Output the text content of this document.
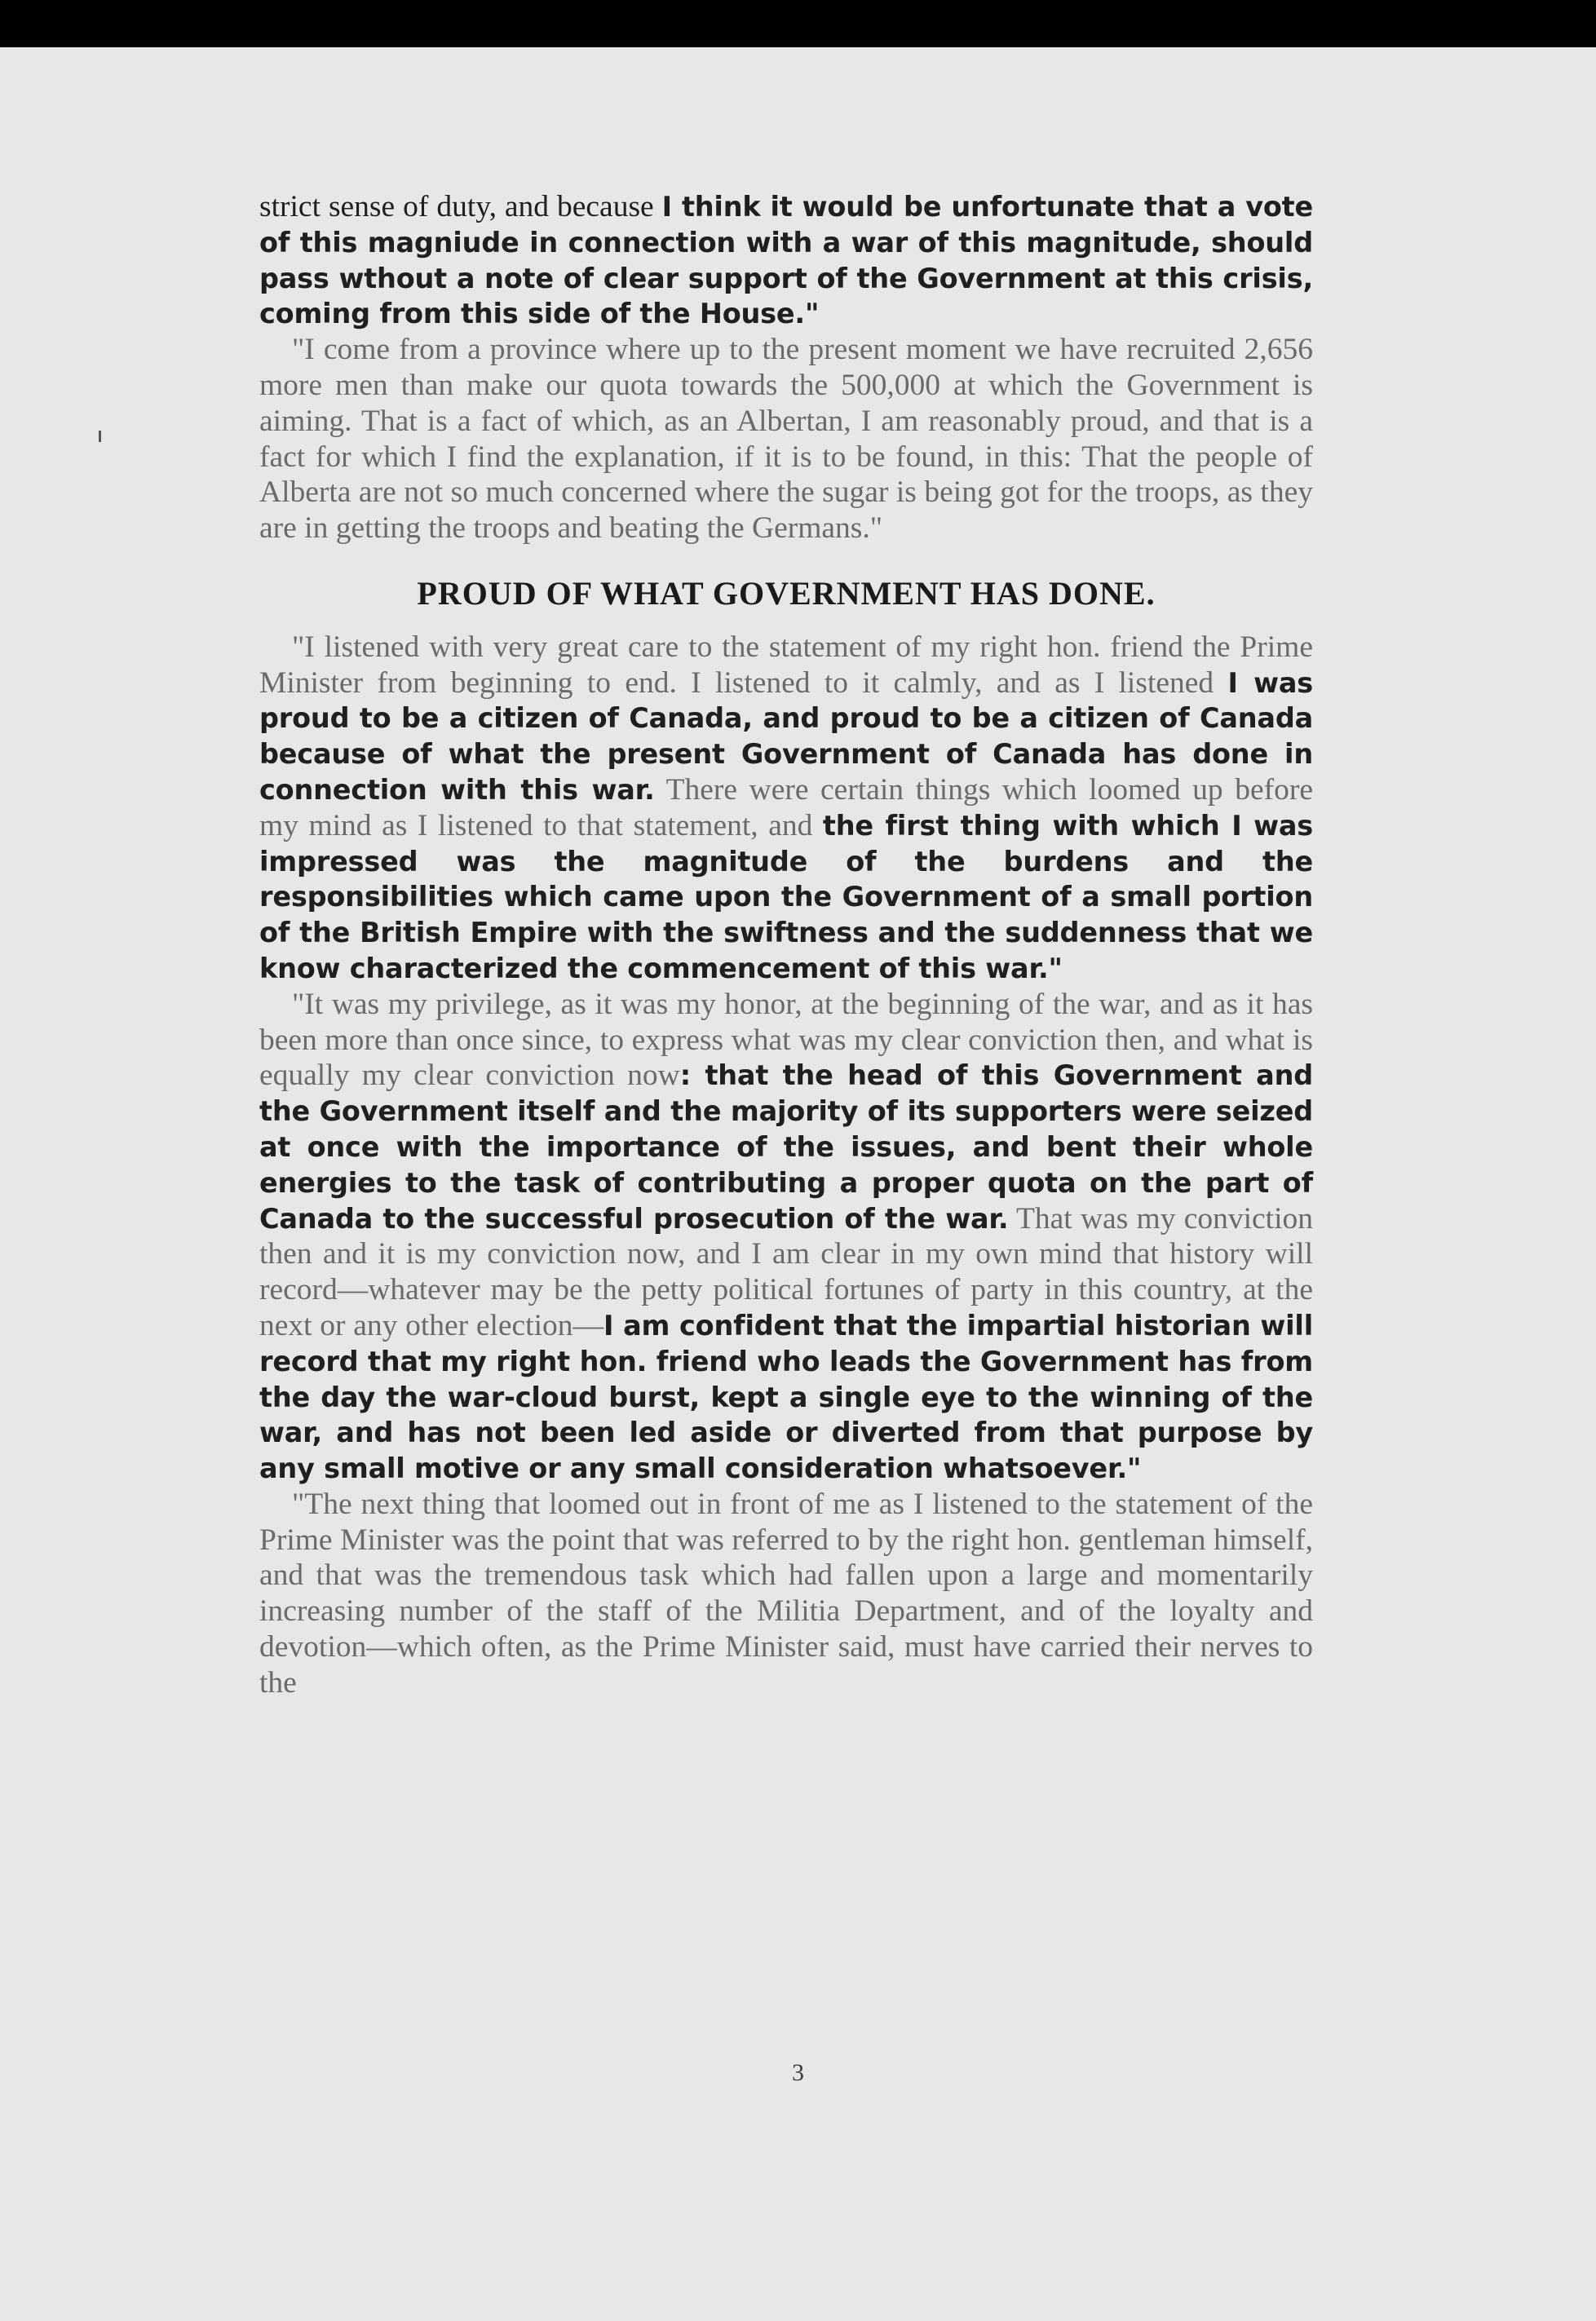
strict sense of duty, and because I think it would be unfortunate that a vote of this magniude in connection with a war of this magnitude, should pass wthout a note of clear support of the Government at this crisis, coming from this side of the House."

"I come from a province where up to the present moment we have recruited 2,656 more men than make our quota towards the 500,000 at which the Government is aiming. That is a fact of which, as an Albertan, I am reasonably proud, and that is a fact for which I find the explanation, if it is to be found, in this: That the people of Alberta are not so much concerned where the sugar is being got for the troops, as they are in getting the troops and beating the Germans."

PROUD OF WHAT GOVERNMENT HAS DONE.

"I listened with very great care to the statement of my right hon. friend the Prime Minister from beginning to end. I listened to it calmly, and as I listened I was proud to be a citizen of Canada, and proud to be a citizen of Canada because of what the present Government of Canada has done in connection with this war. There were certain things which loomed up before my mind as I listened to that statement, and the first thing with which I was impressed was the magnitude of the burdens and the responsibilities which came upon the Government of a small portion of the British Empire with the swiftness and the suddenness that we know characterized the commencement of this war."

"It was my privilege, as it was my honor, at the beginning of the war, and as it has been more than once since, to express what was my clear conviction then, and what is equally my clear conviction now: that the head of this Government and the Government itself and the majority of its supporters were seized at once with the importance of the issues, and bent their whole energies to the task of contributing a proper quota on the part of Canada to the successful prosecution of the war. That was my conviction then and it is my conviction now, and I am clear in my own mind that history will record—whatever may be the petty political fortunes of party in this country, at the next or any other election—I am confident that the impartial historian will record that my right hon. friend who leads the Government has from the day the war-cloud burst, kept a single eye to the winning of the war, and has not been led aside or diverted from that purpose by any small motive or any small consideration whatsoever."

"The next thing that loomed out in front of me as I listened to the statement of the Prime Minister was the point that was referred to by the right hon. gentleman himself, and that was the tremendous task which had fallen upon a large and momentarily increasing number of the staff of the Militia Department, and of the loyalty and devotion—which often, as the Prime Minister said, must have carried their nerves to the

3
